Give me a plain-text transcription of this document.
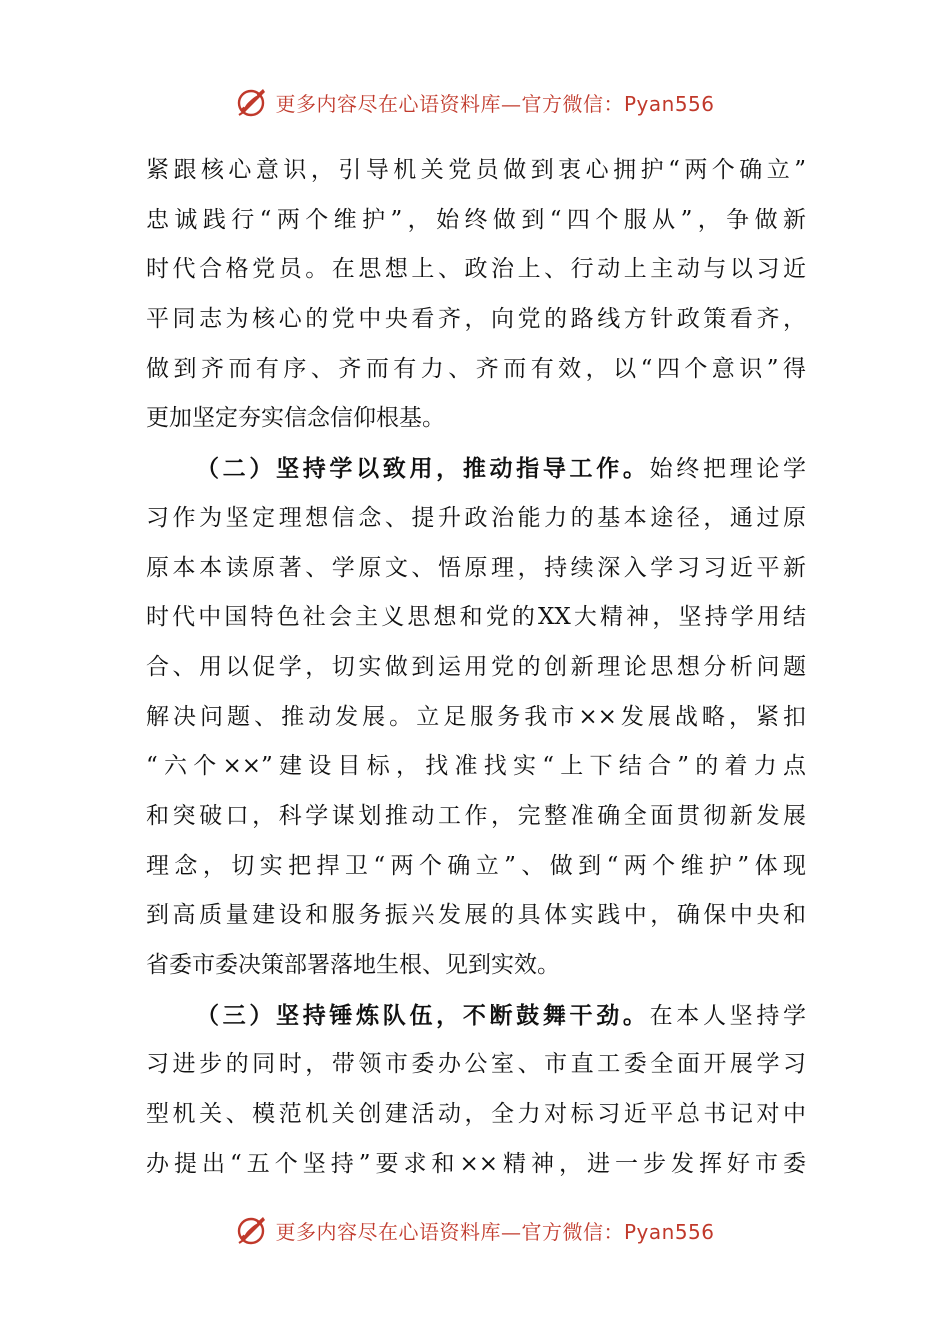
更多内容尽在心语资料库—官方微信：Pyan556
紧跟核心意识，引导机关党员做到衷心拥护“两个确立”
忠诚践行“两个维护”，始终做到“四个服从”，争做新
时代合格党员。在思想上、政治上、行动上主动与以习近
平同志为核心的党中央看齐，向党的路线方针政策看齐，
做到齐而有序、齐而有力、齐而有效，以“四个意识”得
更加坚定夯实信念信仰根基。
（二）坚持学以致用，推动指导工作。始终把理论学
习作为坚定理想信念、提升政治能力的基本途径，通过原
原本本读原著、学原文、悟原理，持续深入学习习近平新
时代中国特色社会主义思想和党的XX大精神，坚持学用结
合、用以促学，切实做到运用党的创新理论思想分析问题
解决问题、推动发展。立足服务我市××发展战略，紧扣
“六个××”建设目标，找准找实“上下结合”的着力点
和突破口，科学谋划推动工作，完整准确全面贯彻新发展
理念，切实把捍卫“两个确立”、做到“两个维护”体现
到高质量建设和服务振兴发展的具体实践中，确保中央和
省委市委决策部署落地生根、见到实效。
（三）坚持锤炼队伍，不断鼓舞干劲。在本人坚持学
习进步的同时，带领市委办公室、市直工委全面开展学习
型机关、模范机关创建活动，全力对标习近平总书记对中
办提出“五个坚持”要求和××精神，进一步发挥好市委
更多内容尽在心语资料库—官方微信：Pyan556
